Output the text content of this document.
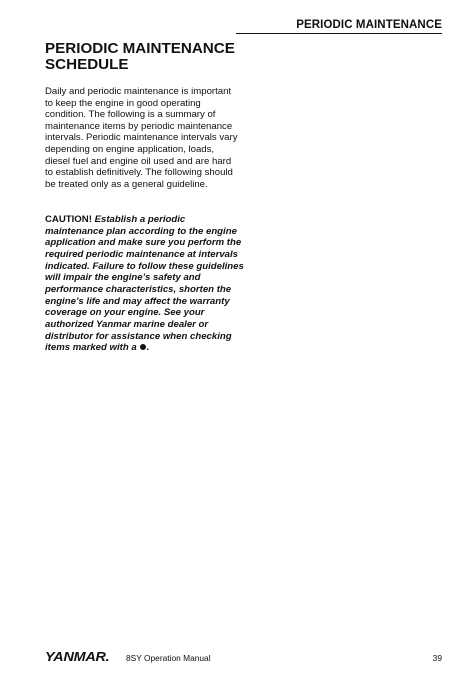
PERIODIC MAINTENANCE
PERIODIC MAINTENANCE SCHEDULE

Daily and periodic maintenance is important to keep the engine in good operating condition. The following is a summary of maintenance items by periodic maintenance intervals. Periodic maintenance intervals vary depending on engine application, loads, diesel fuel and engine oil used and are hard to establish definitively. The following should be treated only as a general guideline.

CAUTION! Establish a periodic maintenance plan according to the engine application and make sure you perform the required periodic maintenance at intervals indicated. Failure to follow these guidelines will impair the engine’s safety and performance characteristics, shorten the engine’s life and may affect the warranty coverage on your engine. See your authorized Yanmar marine dealer or distributor for assistance when checking items marked with a .

YANMAR. 8SY Operation Manual	39
